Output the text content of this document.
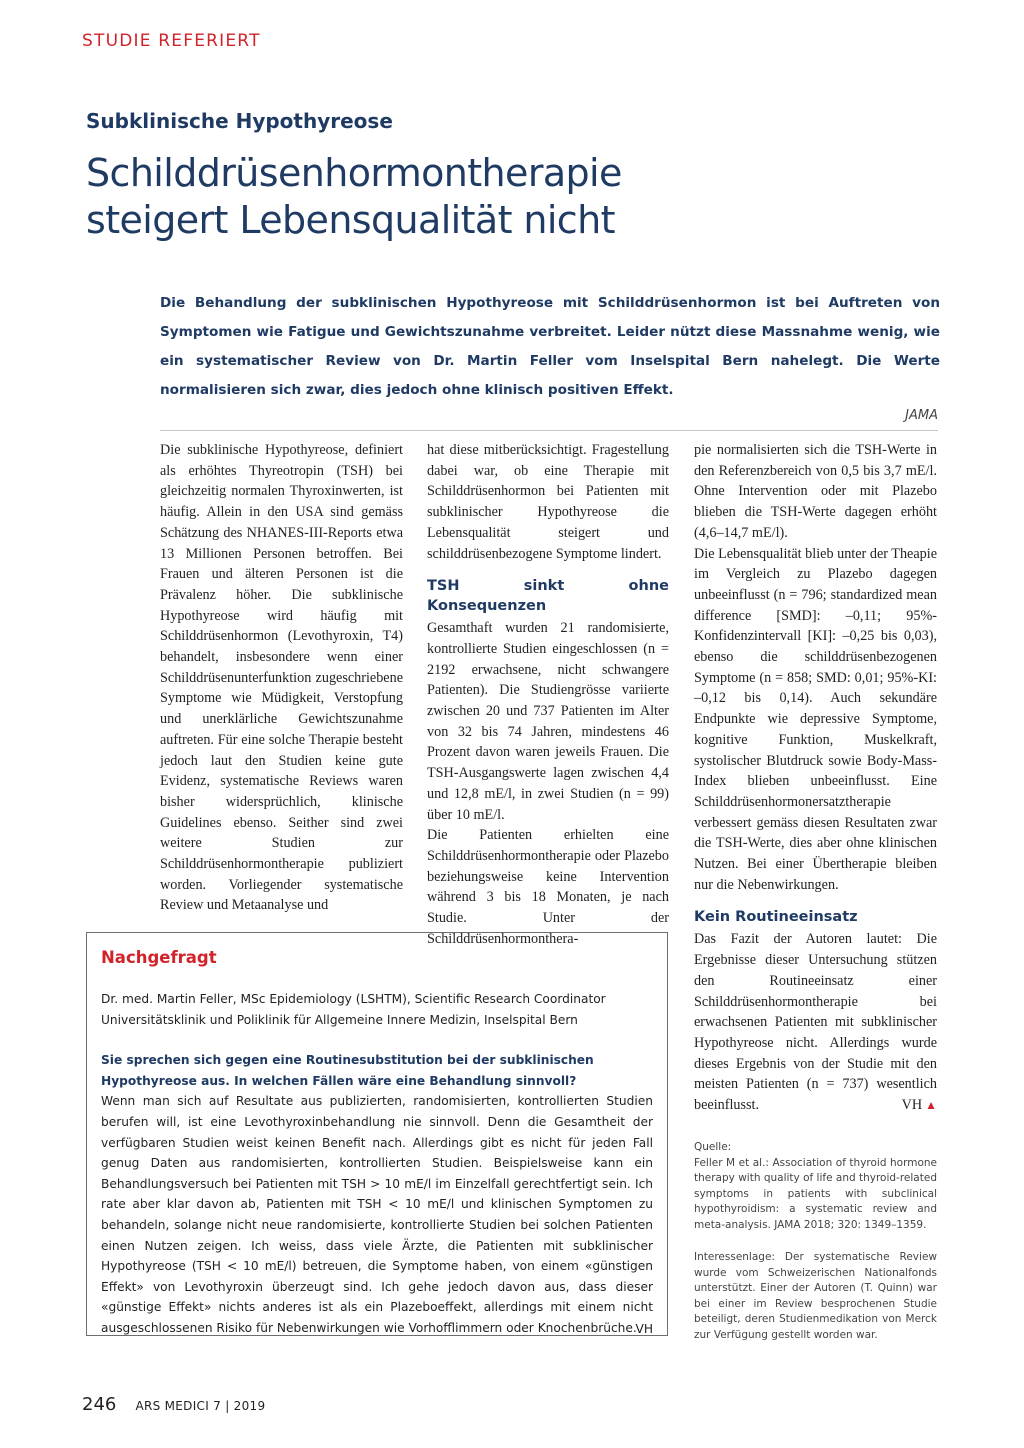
STUDIE REFERIERT
Subklinische Hypothyreose
Schilddrüsenhormontherapie
steigert Lebensqualität nicht

Die Behandlung der subklinischen Hypothyreose mit Schilddrüsenhormon ist bei Auftreten von Symptomen wie Fatigue und Gewichtszunahme verbreitet. Leider nützt diese Massnahme wenig, wie ein systematischer Review von Dr. Martin Feller vom Inselspital Bern nahelegt. Die Werte normalisieren sich zwar, dies jedoch ohne klinisch positiven Effekt.

JAMA

Die subklinische Hypothyreose, definiert als erhöhtes Thyreotropin (TSH) bei gleichzeitig normalen Thyroxinwerten, ist häufig. Allein in den USA sind gemäss Schätzung des NHANES-III-Reports etwa 13 Millionen Personen betroffen. Bei Frauen und älteren Personen ist die Prävalenz höher. Die subklinische Hypothyreose wird häufig mit Schilddrüsenhormon (Levothyroxin, T4) behandelt, insbesondere wenn einer Schilddrüsenunterfunktion zugeschriebene Symptome wie Müdigkeit, Verstopfung und unerklärliche Gewichtszunahme auftreten. Für eine solche Therapie besteht jedoch laut den Studien keine gute Evidenz, systematische Reviews waren bisher widersprüchlich, klinische Guidelines ebenso. Seither sind zwei weitere Studien zur Schilddrüsenhormontherapie publiziert worden. Vorliegender systematische Review und Metaanalyse und

hat diese mitberücksichtigt. Fragestellung dabei war, ob eine Therapie mit Schilddrüsenhormon bei Patienten mit subklinischer Hypothyreose die Lebensqualität steigert und schilddrüsenbezogene Symptome lindert.

TSH sinkt ohne Konsequenzen

Gesamthaft wurden 21 randomisierte, kontrollierte Studien eingeschlossen (n = 2192 erwachsene, nicht schwangere Patienten). Die Studiengrösse variierte zwischen 20 und 737 Patienten im Alter von 32 bis 74 Jahren, mindestens 46 Prozent davon waren jeweils Frauen. Die TSH-Ausgangswerte lagen zwischen 4,4 und 12,8 mE/l, in zwei Studien (n = 99) über 10 mE/l.

Die Patienten erhielten eine Schilddrüsenhormontherapie oder Plazebo beziehungsweise keine Intervention während 3 bis 18 Monaten, je nach Studie. Unter der Schilddrüsenhormonthera-

pie normalisierten sich die TSH-Werte in den Referenzbereich von 0,5 bis 3,7 mE/l. Ohne Intervention oder mit Plazebo blieben die TSH-Werte dagegen erhöht (4,6–14,7 mE/l).

Die Lebensqualität blieb unter der Theapie im Vergleich zu Plazebo dagegen unbeeinflusst (n = 796; standardized mean difference [SMD]: –0,11; 95%-Konfidenzintervall [KI]: –0,25 bis 0,03), ebenso die schilddrüsenbezogenen Symptome (n = 858; SMD: 0,01; 95%-KI: –0,12 bis 0,14). Auch sekundäre Endpunkte wie depressive Symptome, kognitive Funktion, Muskelkraft, systolischer Blutdruck sowie Body-Mass-Index blieben unbeeinflusst. Eine Schilddrüsenhormonersatztherapie verbessert gemäss diesen Resultaten zwar die TSH-Werte, dies aber ohne klinischen Nutzen. Bei einer Übertherapie bleiben nur die Nebenwirkungen.

Kein Routineeinsatz

Das Fazit der Autoren lautet: Die Ergebnisse dieser Untersuchung stützen den Routineeinsatz einer Schilddrüsenhormontherapie bei erwachsenen Patienten mit subklinischer Hypothyreose nicht. Allerdings wurde dieses Ergebnis von der Studie mit den meisten Patienten (n = 737) wesentlich beeinflusst.	VH ▲

Nachgefragt
Dr. med. Martin Feller, MSc Epidemiology (LSHTM), Scientific Research Coordinator
Universitätsklinik und Poliklinik für Allgemeine Innere Medizin, Inselspital Bern
Sie sprechen sich gegen eine Routinesubstitution bei der subklinischen Hypothyreose aus. In welchen Fällen wäre eine Behandlung sinnvoll?
Wenn man sich auf Resultate aus publizierten, randomisierten, kontrollierten Studien berufen will, ist eine Levothyroxinbehandlung nie sinnvoll. Denn die Gesamtheit der verfügbaren Studien weist keinen Benefit nach. Allerdings gibt es nicht für jeden Fall genug Daten aus randomisierten, kontrollierten Studien. Beispielsweise kann ein Behandlungsversuch bei Patienten mit TSH > 10 mE/l im Einzelfall gerechtfertigt sein. Ich rate aber klar davon ab, Patienten mit TSH < 10 mE/l und klinischen Symptomen zu behandeln, solange nicht neue randomisierte, kontrollierte Studien bei solchen Patienten einen Nutzen zeigen. Ich weiss, dass viele Ärzte, die Patienten mit subklinischer Hypothyreose (TSH < 10 mE/l) betreuen, die Symptome haben, von einem «günstigen Effekt» von Levothyroxin überzeugt sind. Ich gehe jedoch davon aus, dass dieser «günstige Effekt» nichts anderes ist als ein Plazeboeffekt, allerdings mit einem nicht ausgeschlossenen Risiko für Nebenwirkungen wie Vorhofflimmern oder Knochenbrüche.
VH
Quelle:
Feller M et al.: Association of thyroid hormone therapy with quality of life and thyroid-related symptoms in patients with subclinical hypothyroidism: a systematic review and meta-analysis. JAMA 2018; 320: 1349–1359.
Interessenlage: Der systematische Review wurde vom Schweizerischen Nationalfonds unterstützt. Einer der Autoren (T. Quinn) war bei einer im Review besprochenen Studie beteiligt, deren Studienmedikation von Merck zur Verfügung gestellt worden war.
246 ARS MEDICI 7 | 2019
